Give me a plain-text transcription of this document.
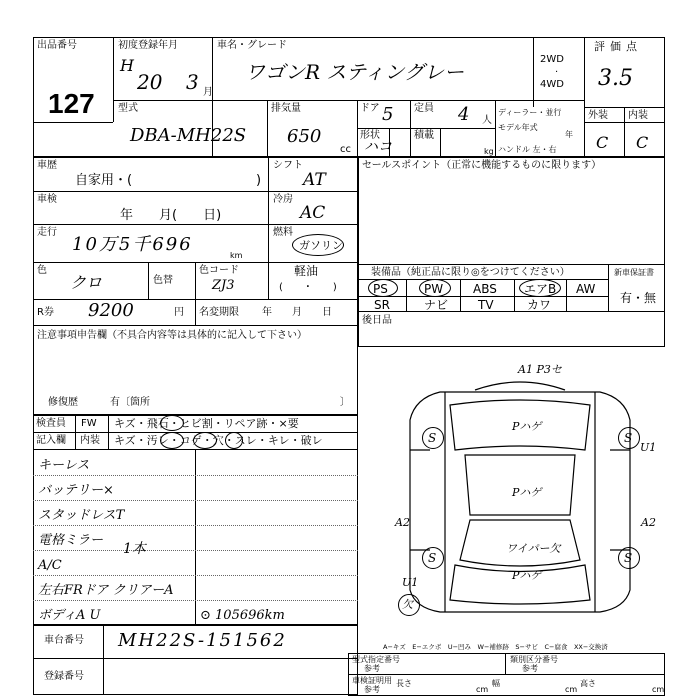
出品番号
127
初度登録年月
H
20 3 月
車名・グレード
ワゴンR スティングレー
2WD
·
4WD
評価点
3.5
外装 内装
C C
型式
DBA-MH22S
排気量
650
cc
ドア 5 定員 4 人
形状
ハコ
積載
kg
ディーラー・並行
モデル年式
年
ハンドル 左・右
車歴
自家用・(	)
車検
年　　月(　　日)
走行
10万5千696
km
色
クロ	色替
色コード
ZJ3
R券 9200	円 名変期限 年　　月　　日
シフト
AT
冷房
AC
燃料
ガソリン
軽油
(　　・　　)
注意事項申告欄（不具合内容等は具体的に記入して下さい）
修復歴	有〔箇所	〕
セールスポイント（正常に機能するものに限ります）
装備品（純正品に限り◎をつけてください）
PS	PW ABS エアB AW
SR	ナビ TV	カワ
新車保証書
有・無
後日品
検査員
記入欄
FW
内装
キズ・飛石・ヒビ割・リペア跡・×要
キズ・汚レ・コゲ・穴・スレ・キレ・破レ
キーレス
バッテリー×
スタッドレスT
電格ミラー
1本
A/C
左右FRドア クリアーA
ボディA U	⊙ 105696km
S	S
S	S
A1 P3セ
Pハゲ
Pハゲ
ワイパー欠
Pハゲ
U1
U1
A2	A2
欠
A−キズ　E−エクボ　U−凹み　W−補修跡　S−サビ　C−腐食　XX−交換済
車台番号 MH22S-151562
登録番号
型式指定番号
参考
類別区分番号
参考
車検証明用
参考
長さ
cm
幅
cm
高さ
cm
